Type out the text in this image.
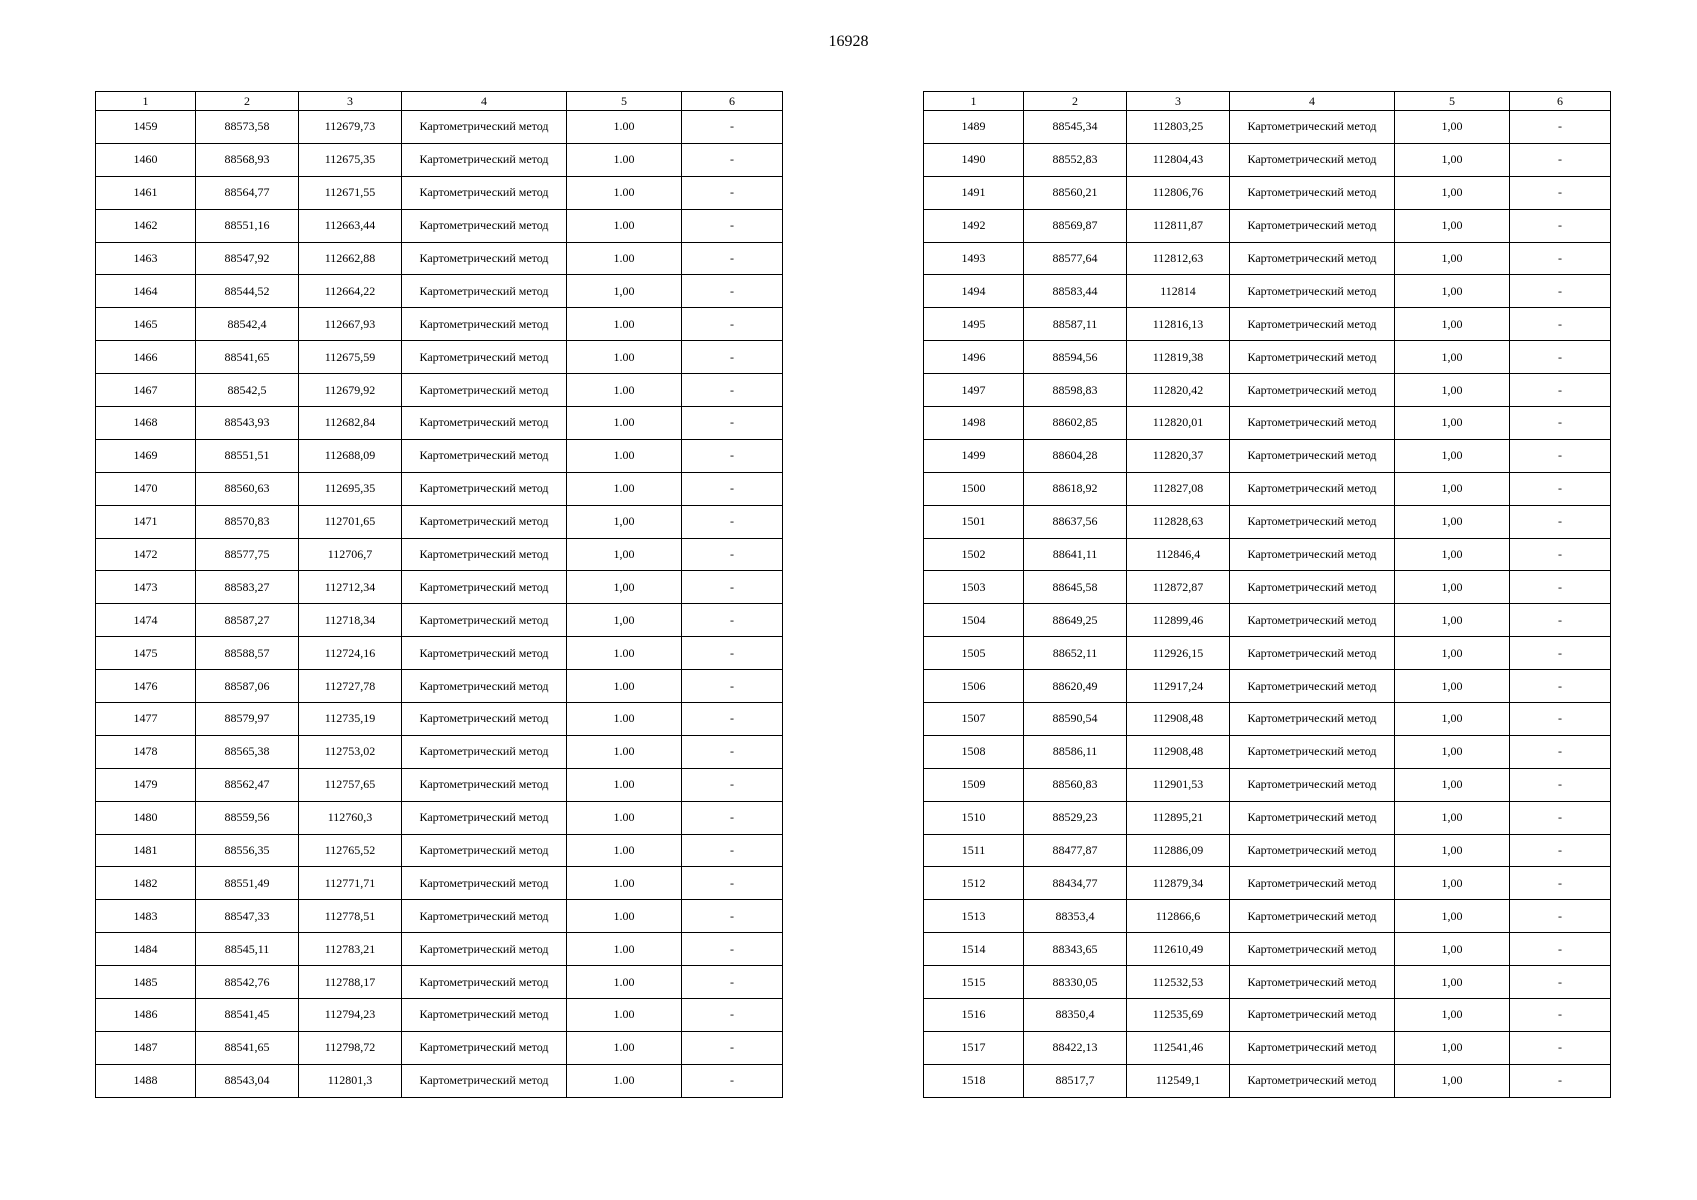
16928
1	2	3	4	5	6
1459	88573,58	112679,73	Картометрический метод	1.00	-
1460	88568,93	112675,35	Картометрический метод	1.00	-
1461	88564,77	112671,55	Картометрический метод	1.00	-
1462	88551,16	112663,44	Картометрический метод	1.00	-
1463	88547,92	112662,88	Картометрический метод	1.00	-
1464	88544,52	112664,22	Картометрический метод	1,00	-
1465	88542,4	112667,93	Картометрический метод	1.00	-
1466	88541,65	112675,59	Картометрический метод	1.00	-
1467	88542,5	112679,92	Картометрический метод	1.00	-
1468	88543,93	112682,84	Картометрический метод	1.00	-
1469	88551,51	112688,09	Картометрический метод	1.00	-
1470	88560,63	112695,35	Картометрический метод	1.00	-
1471	88570,83	112701,65	Картометрический метод	1,00	-
1472	88577,75	112706,7	Картометрический метод	1,00	-
1473	88583,27	112712,34	Картометрический метод	1,00	-
1474	88587,27	112718,34	Картометрический метод	1,00	-
1475	88588,57	112724,16	Картометрический метод	1.00	-
1476	88587,06	112727,78	Картометрический метод	1.00	-
1477	88579,97	112735,19	Картометрический метод	1.00	-
1478	88565,38	112753,02	Картометрический метод	1.00	-
1479	88562,47	112757,65	Картометрический метод	1.00	-
1480	88559,56	112760,3	Картометрический метод	1.00	-
1481	88556,35	112765,52	Картометрический метод	1.00	-
1482	88551,49	112771,71	Картометрический метод	1.00	-
1483	88547,33	112778,51	Картометрический метод	1.00	-
1484	88545,11	112783,21	Картометрический метод	1.00	-
1485	88542,76	112788,17	Картометрический метод	1.00	-
1486	88541,45	112794,23	Картометрический метод	1.00	-
1487	88541,65	112798,72	Картометрический метод	1.00	-
1488	88543,04	112801,3	Картометрический метод	1.00	-
1	2	3	4	5	6
1489	88545,34	112803,25	Картометрический метод	1,00	-
1490	88552,83	112804,43	Картометрический метод	1,00	-
1491	88560,21	112806,76	Картометрический метод	1,00	-
1492	88569,87	112811,87	Картометрический метод	1,00	-
1493	88577,64	112812,63	Картометрический метод	1,00	-
1494	88583,44	112814	Картометрический метод	1,00	-
1495	88587,11	112816,13	Картометрический метод	1,00	-
1496	88594,56	112819,38	Картометрический метод	1,00	-
1497	88598,83	112820,42	Картометрический метод	1,00	-
1498	88602,85	112820,01	Картометрический метод	1,00	-
1499	88604,28	112820,37	Картометрический метод	1,00	-
1500	88618,92	112827,08	Картометрический метод	1,00	-
1501	88637,56	112828,63	Картометрический метод	1,00	-
1502	88641,11	112846,4	Картометрический метод	1,00	-
1503	88645,58	112872,87	Картометрический метод	1,00	-
1504	88649,25	112899,46	Картометрический метод	1,00	-
1505	88652,11	112926,15	Картометрический метод	1,00	-
1506	88620,49	112917,24	Картометрический метод	1,00	-
1507	88590,54	112908,48	Картометрический метод	1,00	-
1508	88586,11	112908,48	Картометрический метод	1,00	-
1509	88560,83	112901,53	Картометрический метод	1,00	-
1510	88529,23	112895,21	Картометрический метод	1,00	-
1511	88477,87	112886,09	Картометрический метод	1,00	-
1512	88434,77	112879,34	Картометрический метод	1,00	-
1513	88353,4	112866,6	Картометрический метод	1,00	-
1514	88343,65	112610,49	Картометрический метод	1,00	-
1515	88330,05	112532,53	Картометрический метод	1,00	-
1516	88350,4	112535,69	Картометрический метод	1,00	-
1517	88422,13	112541,46	Картометрический метод	1,00	-
1518	88517,7	112549,1	Картометрический метод	1,00	-
